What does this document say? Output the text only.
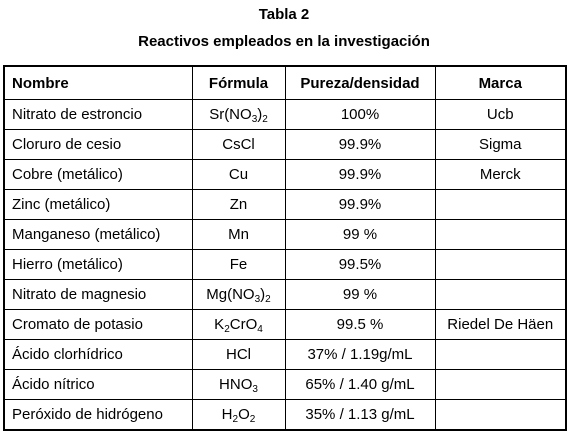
Tabla 2
Reactivos empleados en la investigación
Nombre	Fórmula	Pureza/densidad	Marca
Nitrato de estroncio	$Sr(NO_3)_2$	100%	Ucb
Cloruro de cesio	CsCl	99.9%	Sigma
Cobre (metálico)	Cu	99.9%	Merck
Zinc (metálico)	Zn	99.9%	
Manganeso (metálico)	Mn	99 %	
Hierro (metálico)	Fe	99.5%	
Nitrato de magnesio	$Mg(NO_3)_2$	99 %	
Cromato de potasio	$K_2CrO_4$	99.5 %	Riedel De Häen
Ácido clorhídrico	HCl	37% / 1.19g/mL	
Ácido nítrico	$HNO_3$	65% / 1.40 g/mL	
Peróxido de hidrógeno	$H_2O_2$	35% / 1.13 g/mL	
